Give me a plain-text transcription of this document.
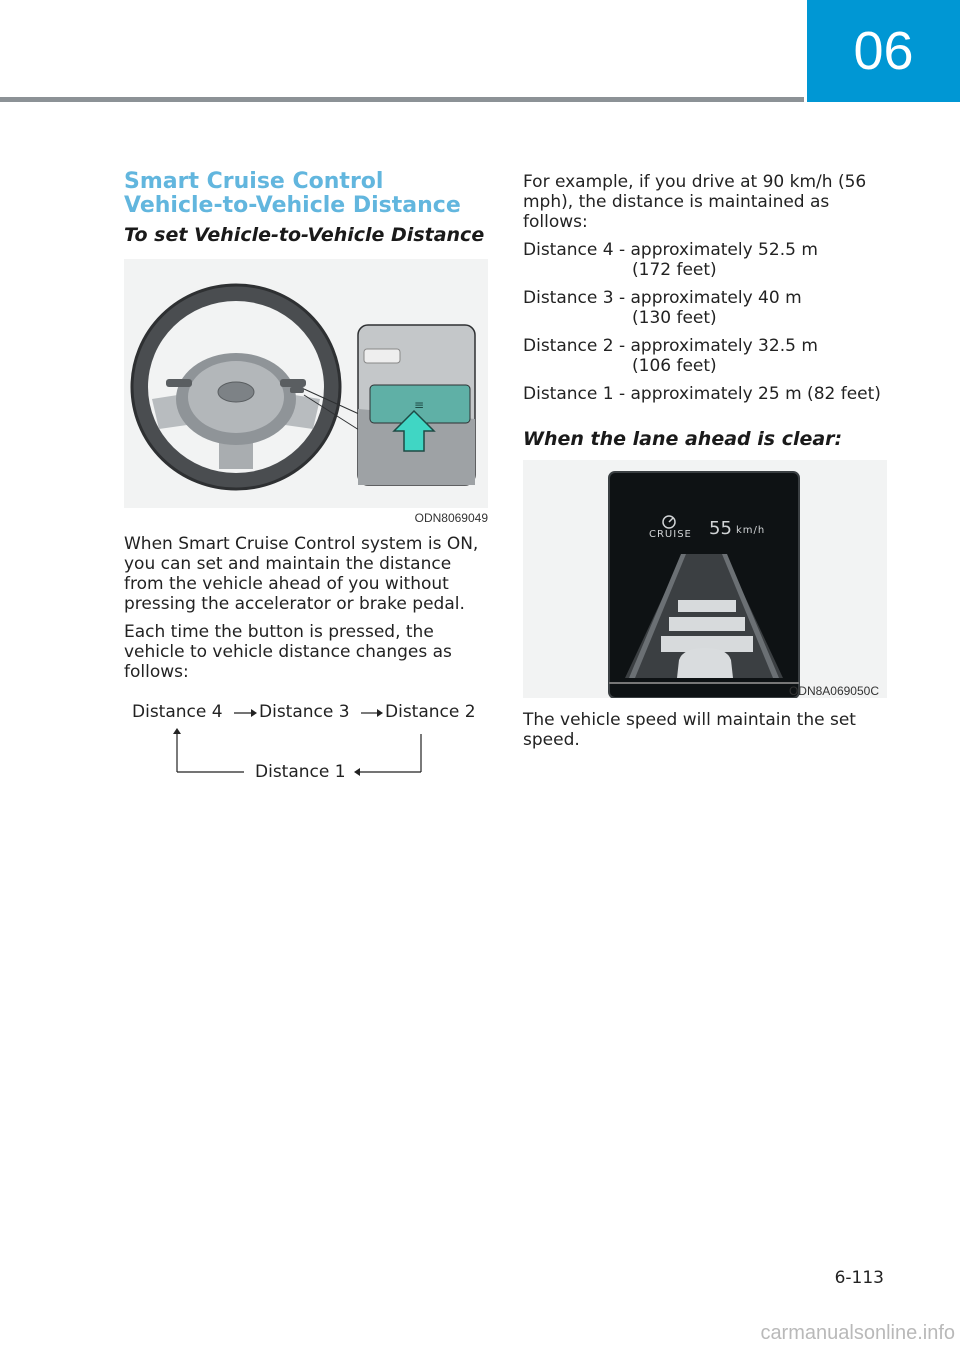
06
Smart Cruise Control Vehicle-to-Vehicle Distance
To set Vehicle-to-Vehicle Distance
≡
ODN8069049

When Smart Cruise Control system is ON, you can set and maintain the distance from the vehicle ahead of you without pressing the accelerator or brake pedal.

Each time the button is pressed, the vehicle to vehicle distance changes as follows:

Distance 4 Distance 3 Distance 2
Distance 1

For example, if you drive at 90 km/h (56 mph), the distance is maintained as follows:

Distance 4 - approximately 52.5 m
(172 feet)
Distance 3 - approximately 40 m
(130 feet)
Distance 2 - approximately 32.5 m
(106 feet)
Distance 1 - approximately 25 m (82 feet)
When the lane ahead is clear:
CRUISE 55 km/h
ODN8A069050C

The vehicle speed will maintain the set speed.

6-113
carmanualsonline.info
